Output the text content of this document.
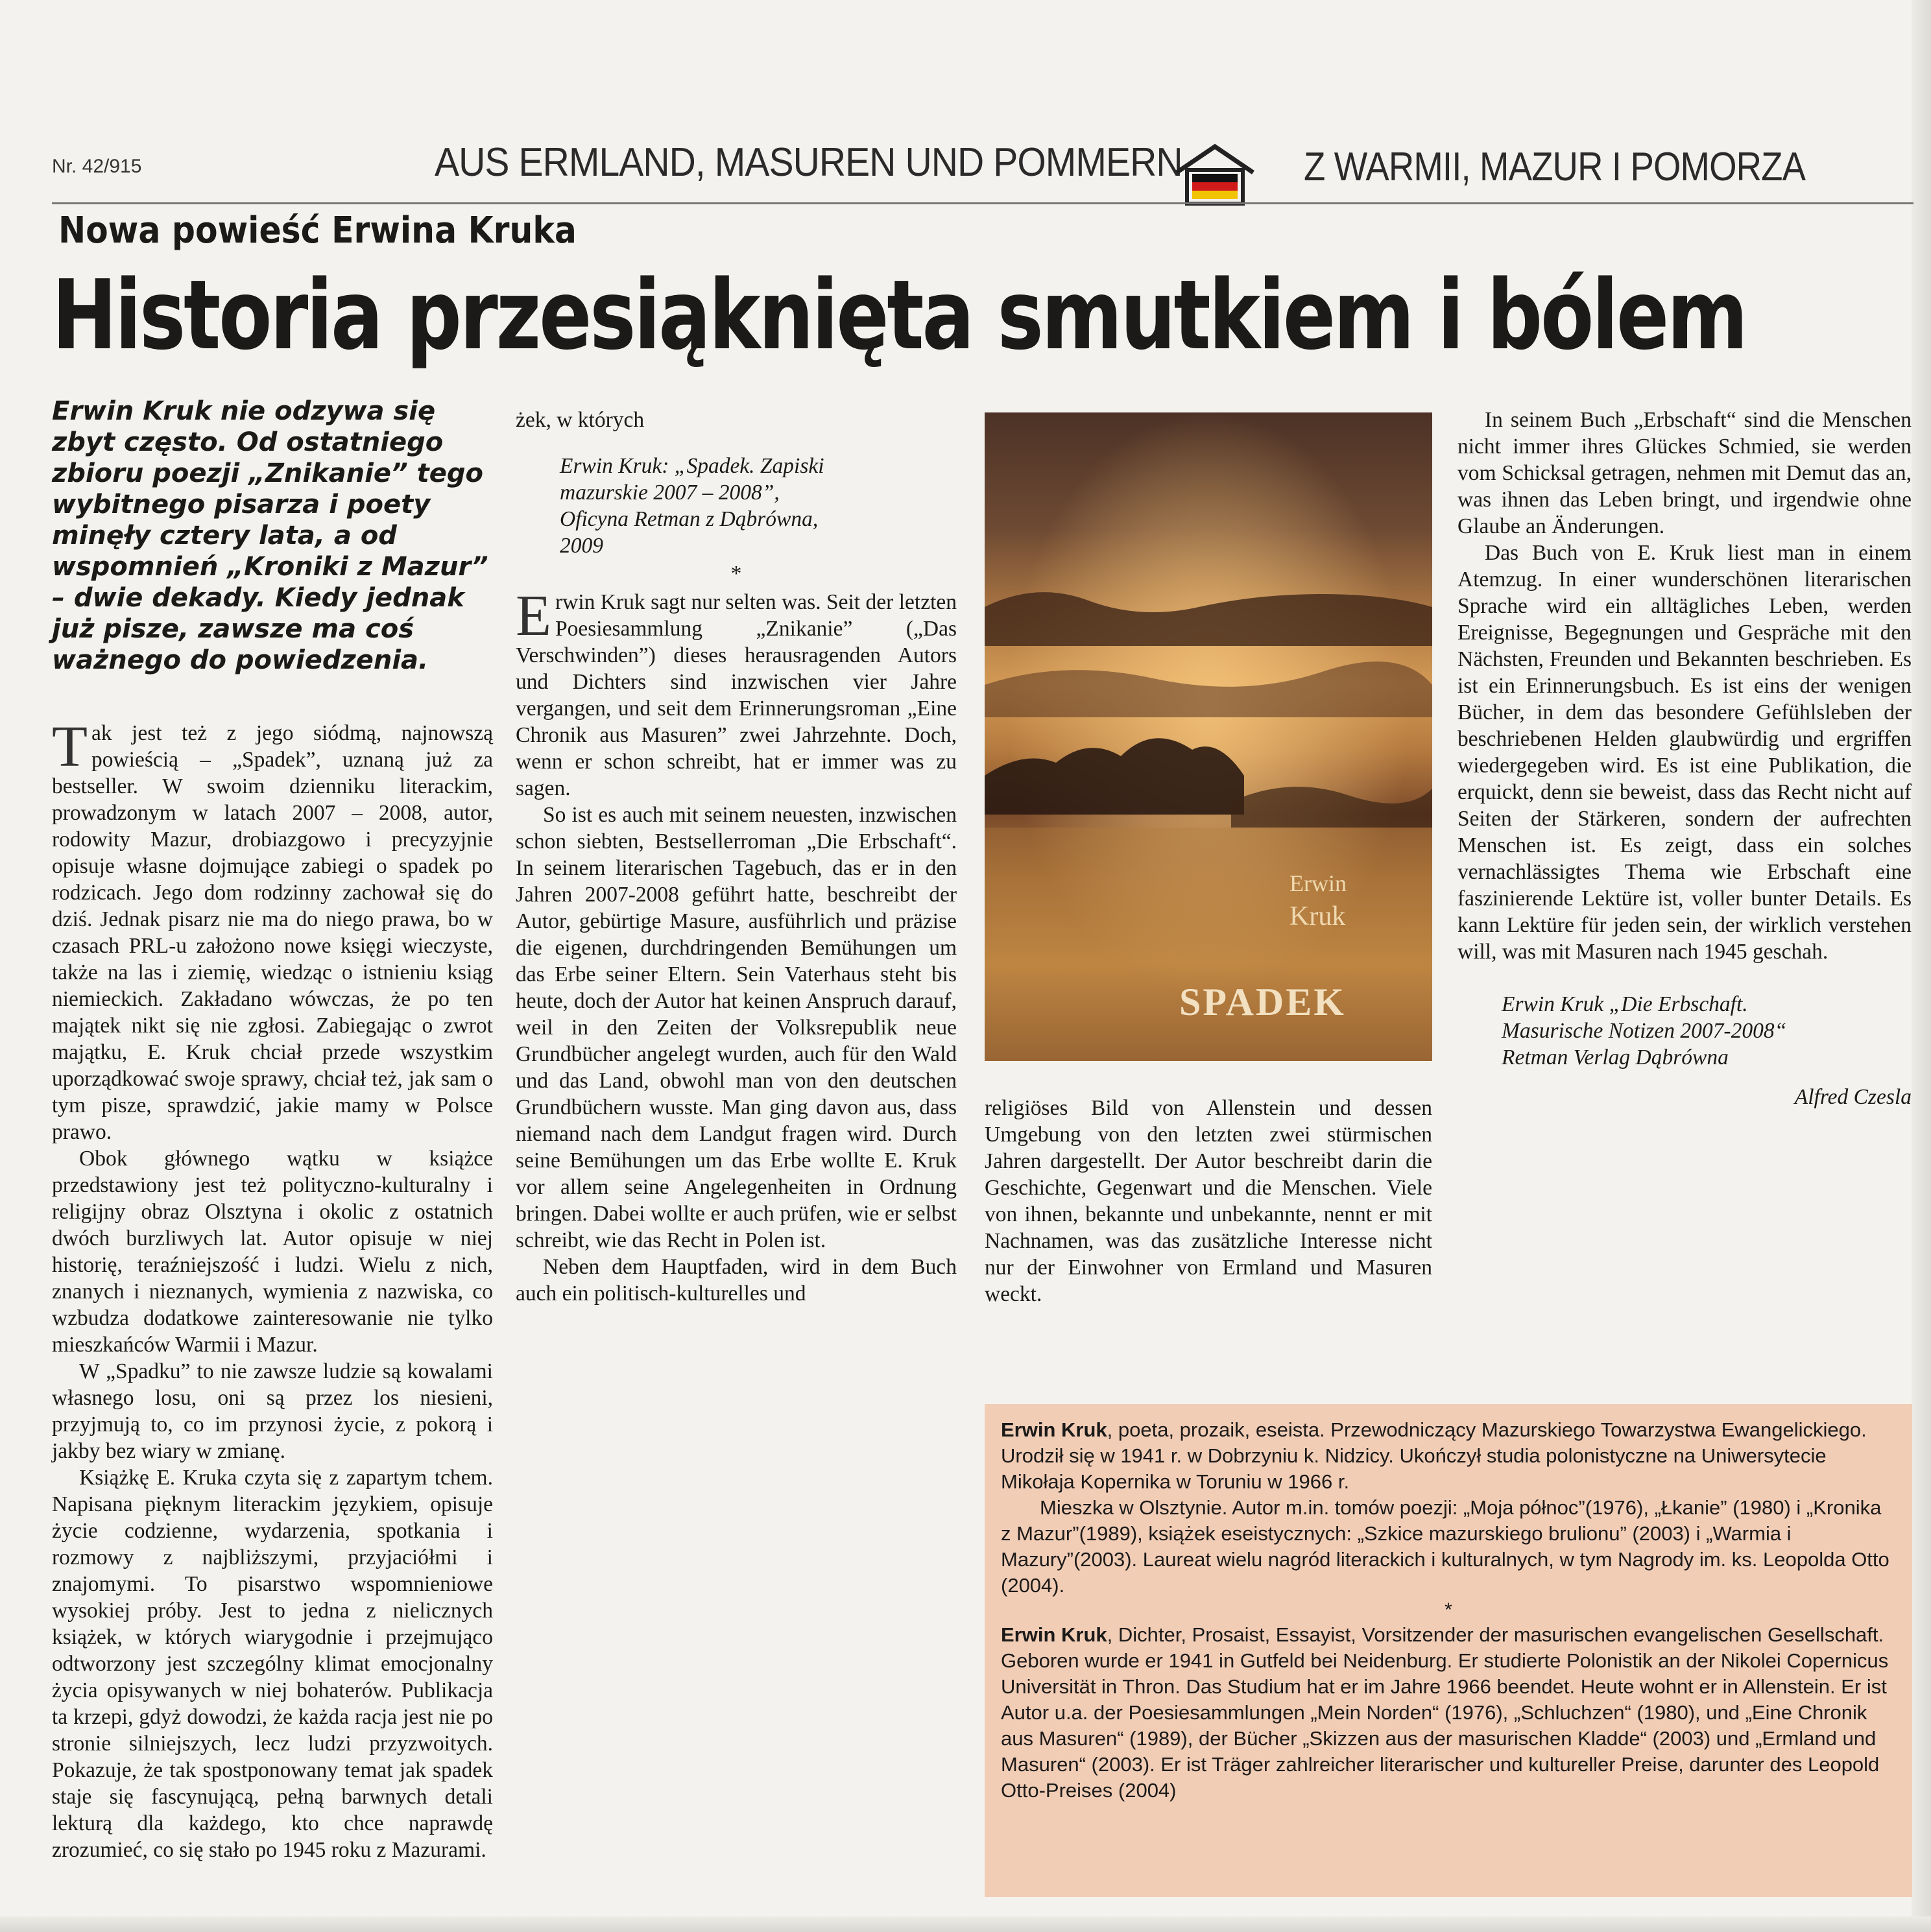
Nr. 42/915	AUS ERMLAND, MASUREN UND POMMERN	Z WARMII, MAZUR I POMORZA
Nowa powieść Erwina Kruka
Historia przesiąknięta smutkiem i bólem
Erwin Kruk nie odzywa się zbyt często. Od ostatniego zbioru poezji „Znikanie” tego wybitnego pisarza i poety minęły cztery lata, a od wspomnień „Kroniki z Mazur” – dwie dekady. Kiedy jednak już pisze, zawsze ma coś ważnego do powiedzenia.

Tak jest też z jego siódmą, najnowszą powieścią – „Spadek”, uznaną już za bestseller. W swoim dzienniku literackim, prowadzonym w latach 2007 – 2008, autor, rodowity Mazur, drobiazgowo i precyzyjnie opisuje własne dojmujące zabiegi o spadek po rodzicach. Jego dom rodzinny zachował się do dziś. Jednak pisarz nie ma do niego prawa, bo w czasach PRL-u założono nowe księgi wieczyste, także na las i ziemię, wiedząc o istnieniu ksiąg niemieckich. Zakładano wówczas, że po ten majątek nikt się nie zgłosi. Zabiegając o zwrot majątku, E. Kruk chciał przede wszystkim uporządkować swoje sprawy, chciał też, jak sam o tym pisze, sprawdzić, jakie mamy w Polsce prawo.

Obok głównego wątku w książce przedstawiony jest też polityczno-kulturalny i religijny obraz Olsztyna i okolic z ostatnich dwóch burzliwych lat. Autor opisuje w niej historię, teraźniejszość i ludzi. Wielu z nich, znanych i nieznanych, wymienia z nazwiska, co wzbudza dodatkowe zainteresowanie nie tylko mieszkańców Warmii i Mazur.

W „Spadku” to nie zawsze ludzie są kowalami własnego losu, oni są przez los niesieni, przyjmują to, co im przynosi życie, z pokorą i jakby bez wiary w zmianę.

Książkę E. Kruka czyta się z zapartym tchem. Napisana pięknym literackim językiem, opisuje życie codzienne, wydarzenia, spotkania i rozmowy z najbliższymi, przyjaciółmi i znajomymi. To pisarstwo wspomnieniowe wysokiej próby. Jest to jedna z nielicznych książek, w których wiarygodnie i przejmująco odtworzony jest szczególny klimat emocjonalny życia opisywanych w niej bohaterów. Publikacja ta krzepi, gdyż dowodzi, że każda racja jest nie po stronie silniejszych, lecz ludzi przyzwoitych. Pokazuje, że tak spostponowany temat jak spadek staje się fascynującą, pełną barwnych detali lekturą dla każdego, kto chce naprawdę zrozumieć, co się stało po 1945 roku z Mazurami.

żek, w których

Erwin Kruk: „Spadek. Zapiski
mazurskie 2007 – 2008”,
Oficyna Retman z Dąbrówna,
2009

*

Erwin Kruk sagt nur selten was. Seit der letzten Poesiesammlung „Znikanie” („Das Verschwinden”) dieses herausragenden Autors und Dichters sind inzwischen vier Jahre vergangen, und seit dem Erinnerungsroman „Eine Chronik aus Masuren” zwei Jahrzehnte. Doch, wenn er schon schreibt, hat er immer was zu sagen.

So ist es auch mit seinem neuesten, inzwischen schon siebten, Bestsellerroman „Die Erbschaft“. In seinem literarischen Tagebuch, das er in den Jahren 2007-2008 geführt hatte, beschreibt der Autor, gebürtige Masure, ausführlich und präzise die eigenen, durchdringenden Bemühungen um das Erbe seiner Eltern. Sein Vaterhaus steht bis heute, doch der Autor hat keinen Anspruch darauf, weil in den Zeiten der Volksrepublik neue Grundbücher angelegt wurden, auch für den Wald und das Land, obwohl man von den deutschen Grundbüchern wusste. Man ging davon aus, dass niemand nach dem Landgut fragen wird. Durch seine Bemühungen um das Erbe wollte E. Kruk vor allem seine Angelegenheiten in Ordnung bringen. Dabei wollte er auch prüfen, wie er selbst schreibt, wie das Recht in Polen ist.

Neben dem Hauptfaden, wird in dem Buch auch ein politisch-kulturelles und

Erwin
Kruk
SPADEK

religiöses Bild von Allenstein und dessen Umgebung von den letzten zwei stürmischen Jahren dargestellt. Der Autor beschreibt darin die Geschichte, Gegenwart und die Menschen. Viele von ihnen, bekannte und unbekannte, nennt er mit Nachnamen, was das zusätzliche Interesse nicht nur der Einwohner von Ermland und Masuren weckt.

In seinem Buch „Erbschaft“ sind die Menschen nicht immer ihres Glückes Schmied, sie werden vom Schicksal getragen, nehmen mit Demut das an, was ihnen das Leben bringt, und irgendwie ohne Glaube an Änderungen.

Das Buch von E. Kruk liest man in einem Atemzug. In einer wunderschönen literarischen Sprache wird ein alltägliches Leben, werden Ereignisse, Begegnungen und Gespräche mit den Nächsten, Freunden und Bekannten beschrieben. Es ist ein Erinnerungsbuch. Es ist eins der wenigen Bücher, in dem das besondere Gefühlsleben der beschriebenen Helden glaubwürdig und ergriffen wiedergegeben wird. Es ist eine Publikation, die erquickt, denn sie beweist, dass das Recht nicht auf Seiten der Stärkeren, sondern der aufrechten Menschen ist. Es zeigt, dass ein solches vernachlässigtes Thema wie Erbschaft eine faszinierende Lektüre ist, voller bunter Details. Es kann Lektüre für jeden sein, der wirklich verstehen will, was mit Masuren nach 1945 geschah.

Erwin Kruk „Die Erbschaft.
Masurische Notizen 2007-2008“
Retman Verlag Dąbrówna

Alfred Czesla

Erwin Kruk, poeta, prozaik, eseista. Przewodniczący Mazurskiego Towarzystwa Ewangelickiego. Urodził się w 1941 r. w Dobrzyniu k. Nidzicy. Ukończył studia polonistyczne na Uniwersytecie Mikołaja Kopernika w Toruniu w 1966 r.

Mieszka w Olsztynie. Autor m.in. tomów poezji: „Moja północ”(1976), „Łkanie” (1980) i „Kronika z Mazur”(1989), książek eseistycznych: „Szkice mazurskiego brulionu” (2003) i „Warmia i Mazury”(2003). Laureat wielu nagród literackich i kulturalnych, w tym Nagrody im. ks. Leopolda Otto (2004).

*

Erwin Kruk, Dichter, Prosaist, Essayist, Vorsitzender der masurischen evangelischen Gesellschaft. Geboren wurde er 1941 in Gutfeld bei Neidenburg. Er studierte Polonistik an der Nikolei Copernicus Universität in Thron. Das Studium hat er im Jahre 1966 beendet. Heute wohnt er in Allenstein. Er ist Autor u.a. der Poesiesammlungen „Mein Norden“ (1976), „Schluchzen“ (1980), und „Eine Chronik aus Masuren“ (1989), der Bücher „Skizzen aus der masurischen Kladde“ (2003) und „Ermland und Masuren“ (2003). Er ist Träger zahlreicher literarischer und kultureller Preise, darunter des Leopold Otto-Preises (2004)
